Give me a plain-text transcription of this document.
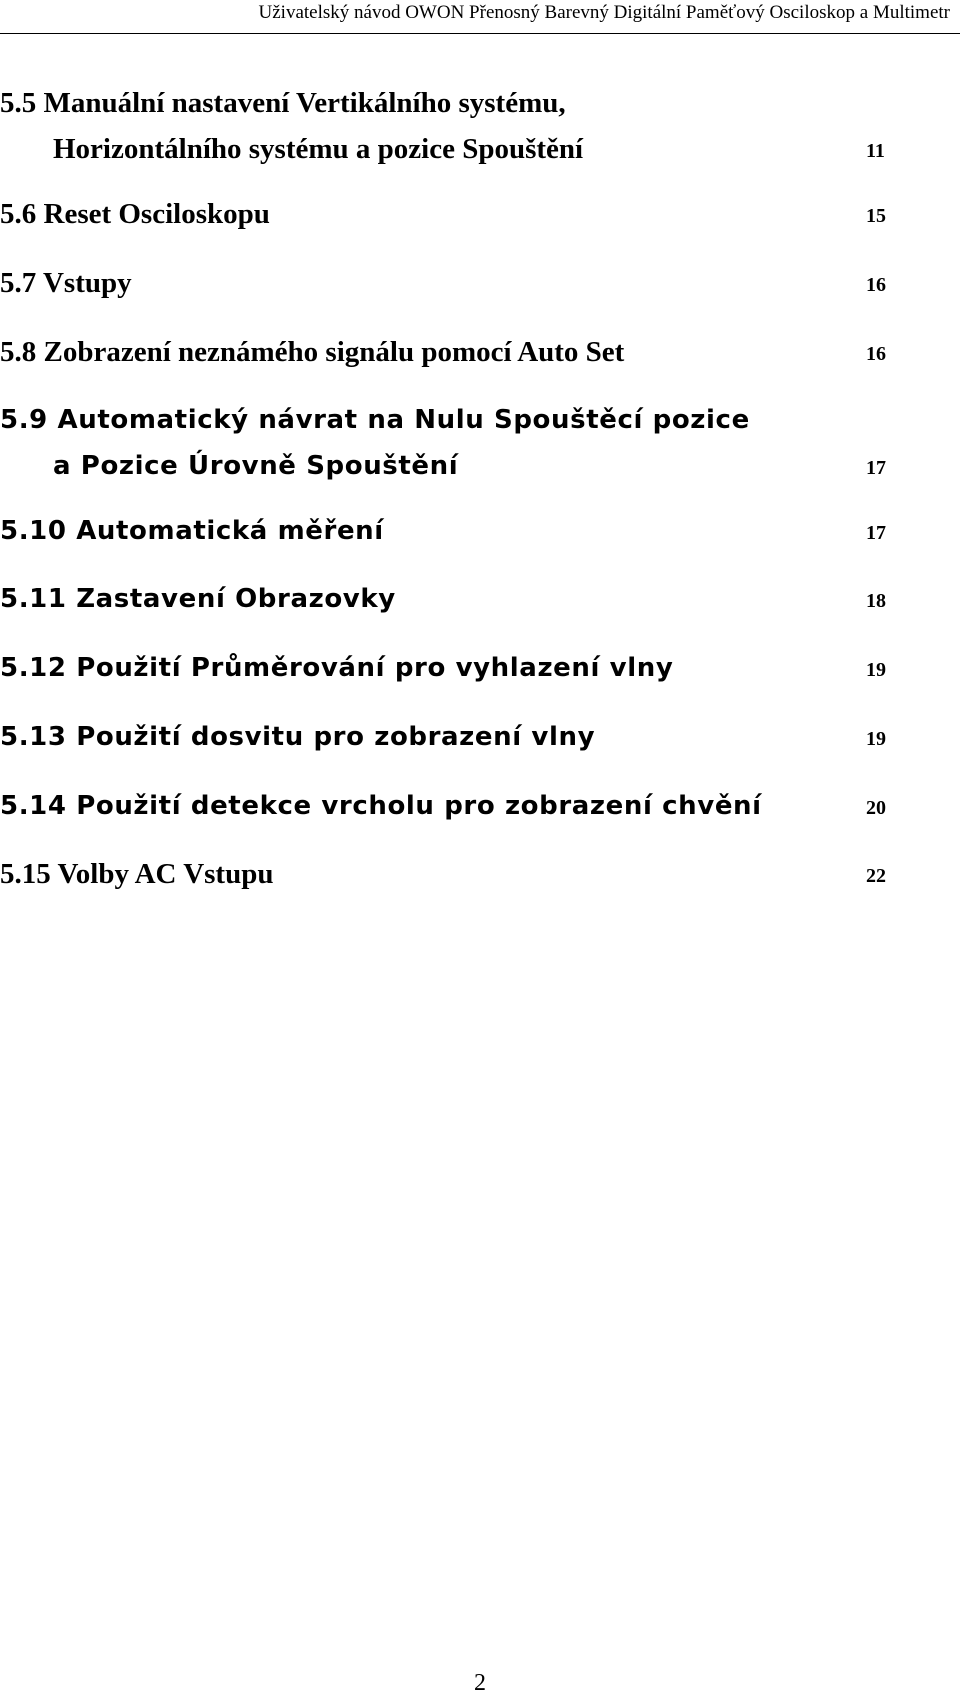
Uživatelský návod OWON Přenosný Barevný Digitální Paměťový Osciloskop a Multimetr
5.5 Manuální nastavení Vertikálního systému,
Horizontálního systému a pozice Spouštění	11
5.6 Reset Osciloskopu	15
5.7 Vstupy	16
5.8 Zobrazení neznámého signálu pomocí Auto Set	16
5.9 Automatický návrat na Nulu Spouštěcí pozice
a Pozice Úrovně Spouštění	17
5.10 Automatická měření	17
5.11 Zastavení Obrazovky	18
5.12 Použití Průměrování pro vyhlazení vlny	19
5.13 Použití dosvitu pro zobrazení vlny	19
5.14 Použití detekce vrcholu pro zobrazení chvění	20
5.15 Volby AC Vstupu	22
2
